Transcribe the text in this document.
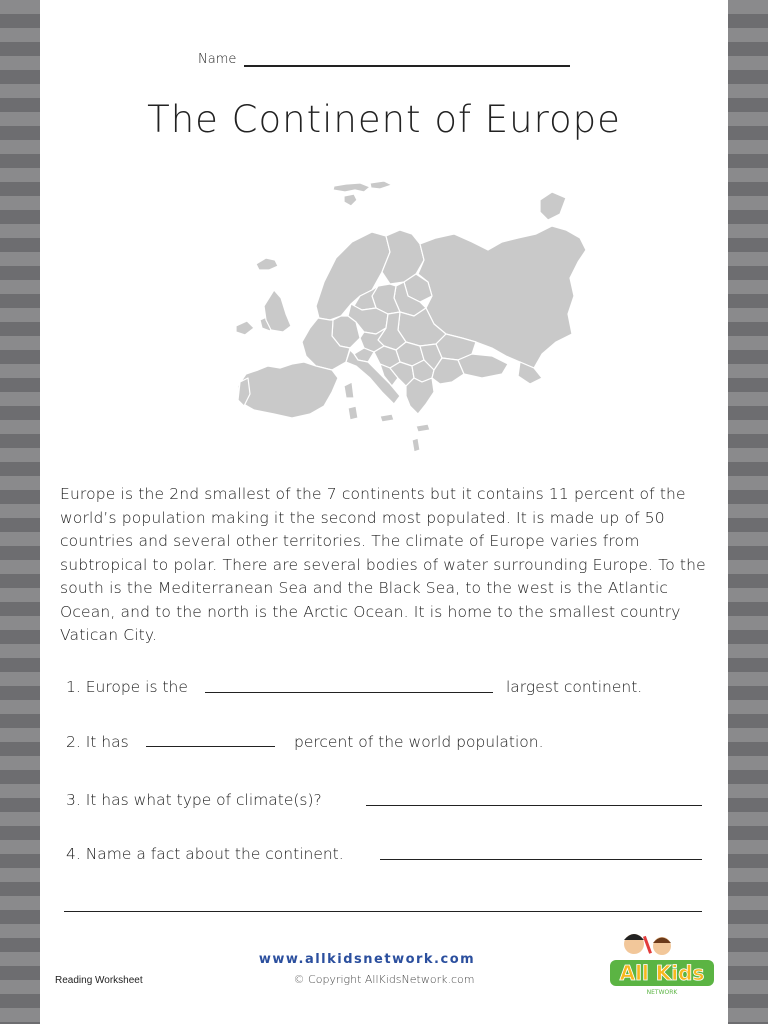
Name
The Continent of Europe
Europe is the 2nd smallest of the 7 continents but it contains 11 percent of the world’s population making it the second most populated. It is made up of 50 countries and several other territories. The climate of Europe varies from subtropical to polar. There are several bodies of water surrounding Europe. To the south is the Mediterranean Sea and the Black Sea, to the west is the Atlantic Ocean, and to the north is the Arctic Ocean. It is home to the smallest country Vatican City.
1. Europe is the	largest continent.
2. It has	percent of the world population.
3. It has what type of climate(s)?
4. Name a fact about the continent.
www.allkidsnetwork.com
© Copyright AllKidsNetwork.com
Reading Worksheet	All Kids
NETWORK
